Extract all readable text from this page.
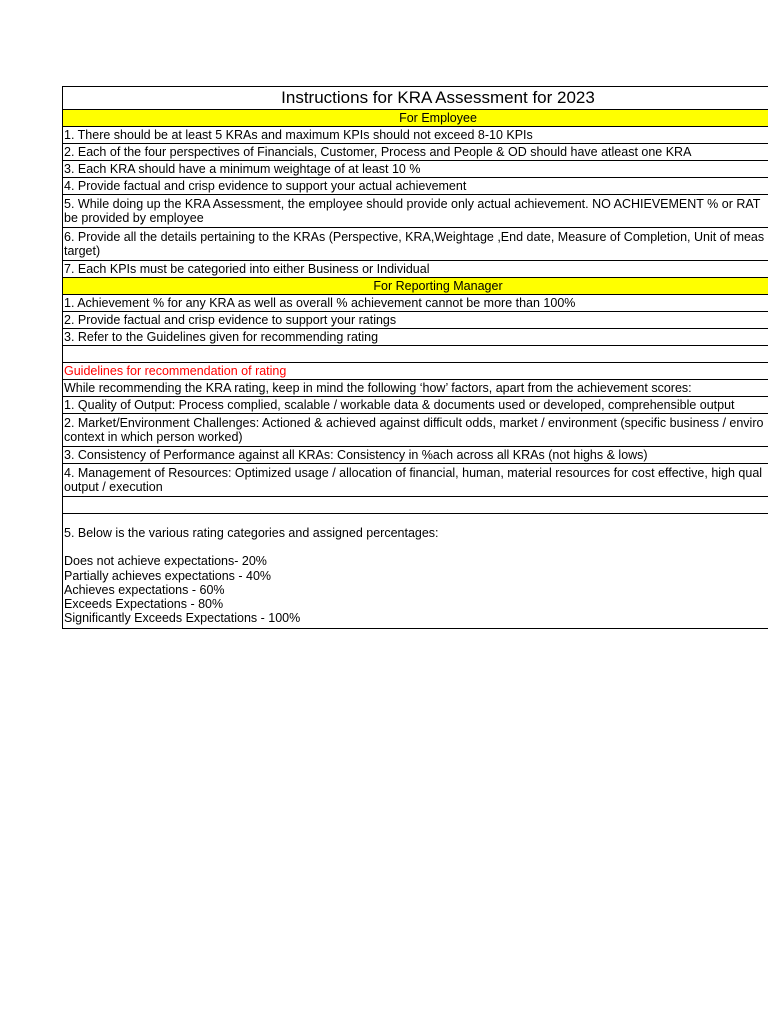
Instructions for KRA Assessment for 2023
For Employee
1. There should be at least 5 KRAs and maximum KPIs should not exceed 8-10 KPIs
2. Each of the four perspectives of Financials, Customer, Process and People & OD should have atleast one KRA
3. Each KRA should have a minimum weightage of at least 10 %
4. Provide factual and crisp evidence to support your actual achievement
5. While doing up the KRA Assessment, the employee should provide only actual achievement. NO ACHIEVEMENT % or RAT
be provided by employee
6. Provide all the details pertaining to the KRAs (Perspective, KRA,Weightage ,End date, Measure of Completion, Unit of meas
target)
7. Each KPIs must be categoried into either Business or Individual
For Reporting Manager
1. Achievement % for any KRA as well as overall % achievement cannot be more than 100%
2. Provide factual and crisp evidence to support your ratings
3. Refer to the Guidelines given for recommending rating
Guidelines for recommendation of rating
While recommending the KRA rating, keep in mind the following ‘how’ factors, apart from the achievement scores:
1. Quality of Output: Process complied, scalable / workable data & documents used or developed, comprehensible output
2. Market/Environment Challenges: Actioned & achieved against difficult odds, market / environment (specific business / enviro
context in which person worked)
3. Consistency of Performance against all KRAs: Consistency in %ach across all KRAs (not highs & lows)
4. Management of Resources: Optimized usage / allocation of financial, human, material resources for cost effective, high qual
output / execution
5. Below is the various rating categories and assigned percentages:
Does not achieve expectations- 20%
Partially achieves expectations - 40%
Achieves expectations - 60%
Exceeds Expectations - 80%
Significantly Exceeds Expectations - 100%
